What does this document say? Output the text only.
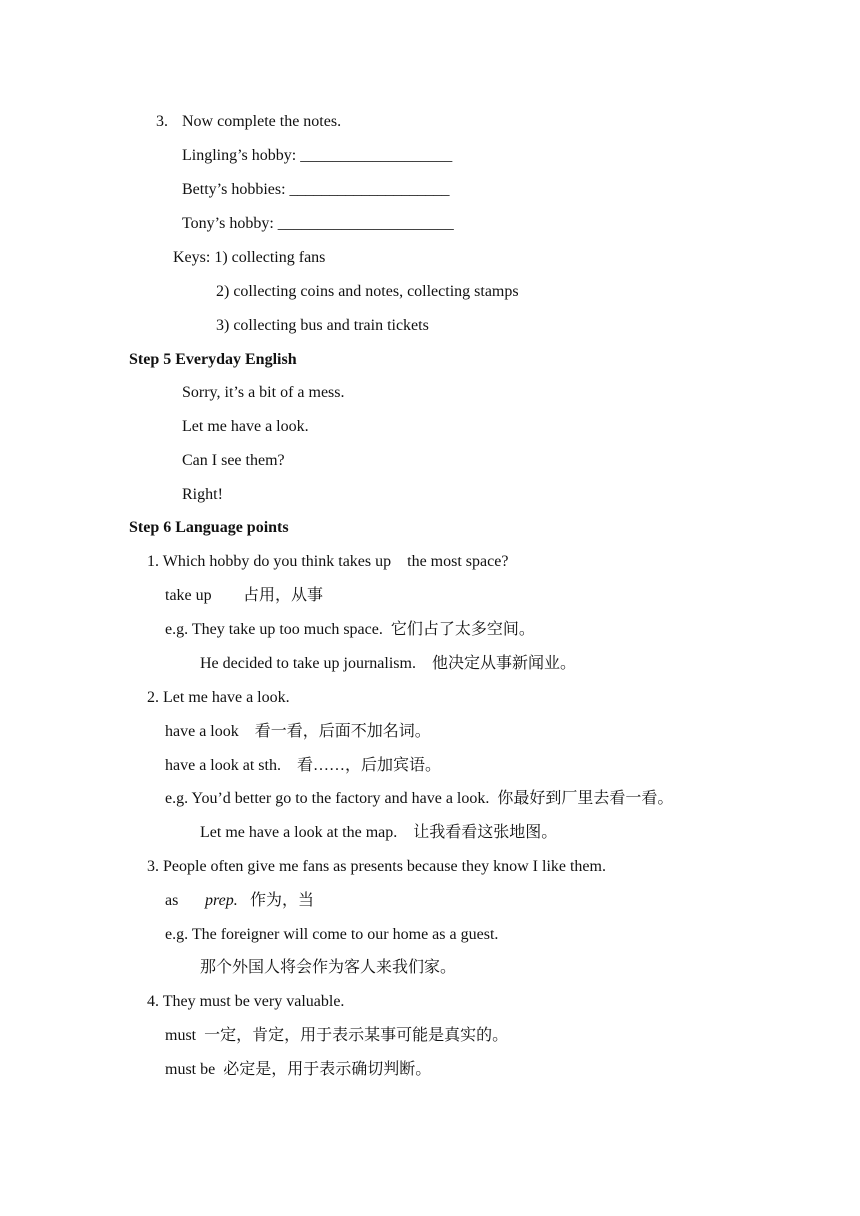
3. Now complete the notes.
Lingling’s hobby: ___________________
Betty’s hobbies: ____________________
Tony’s hobby: ______________________
Keys: 1) collecting fans
2) collecting coins and notes, collecting stamps
3) collecting bus and train tickets
Step 5 Everyday English
Sorry, it’s a bit of a mess.
Let me have a look.
Can I see them?
Right!
Step 6 Language points
1. Which hobby do you think takes up    the most space?
take up 占用，从事
e.g. They take up too much space.  它们占了太多空间。
He decided to take up journalism.    他决定从事新闻业。
2. Let me have a look.
have a look    看一看，后面不加名词。
have a look at sth.    看……，后加宾语。
e.g. You’d better go to the factory and have a look.  你最好到厂里去看一看。
Let me have a look at the map.    让我看看这张地图。
3. People often give me fans as presents because they know I like them.
as prep. 作为，当
e.g. The foreigner will come to our home as a guest.
那个外国人将会作为客人来我们家。
4. They must be very valuable.
must  一定，肯定，用于表示某事可能是真实的。
must be  必定是，用于表示确切判断。
